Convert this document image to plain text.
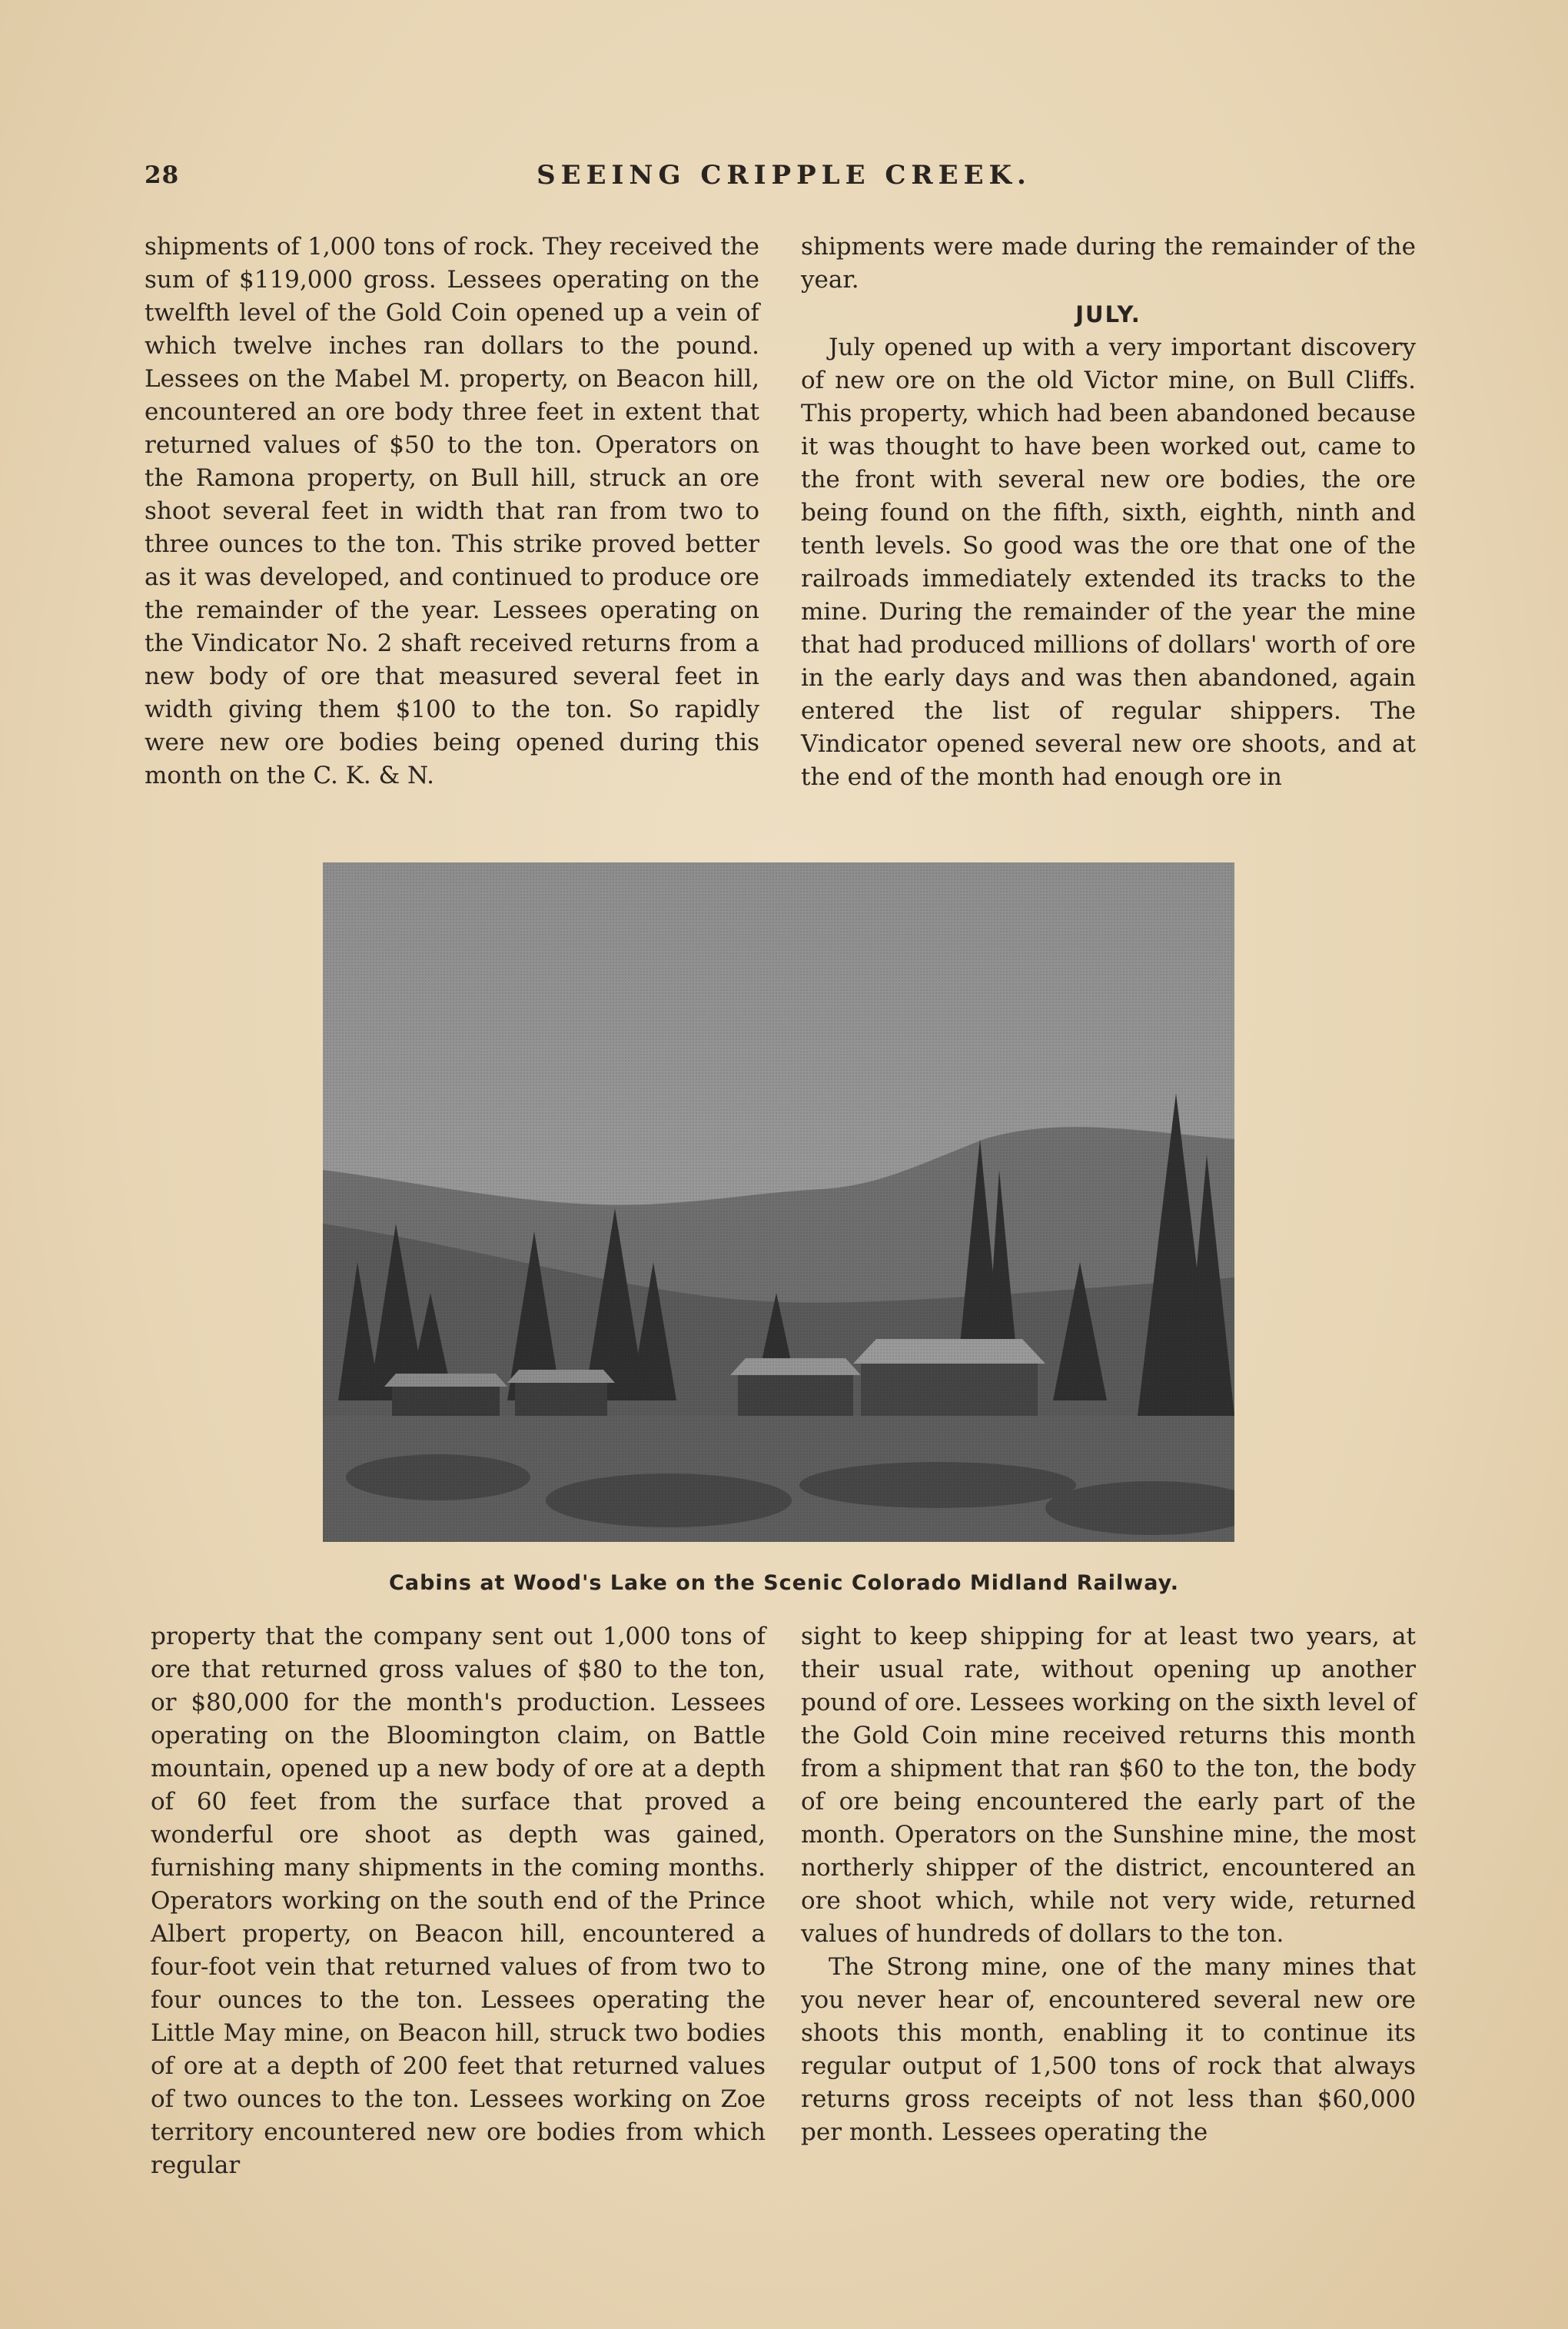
28	SEEING CRIPPLE CREEK.

shipments of 1,000 tons of rock. They received the sum of $119,000 gross. Lessees operating on the twelfth level of the Gold Coin opened up a vein of which twelve inches ran dollars to the pound. Lessees on the Mabel M. property, on Beacon hill, encountered an ore body three feet in extent that returned values of $50 to the ton. Operators on the Ramona property, on Bull hill, struck an ore shoot several feet in width that ran from two to three ounces to the ton. This strike proved better as it was developed, and continued to produce ore the remainder of the year. Lessees operating on the Vindicator No. 2 shaft received returns from a new body of ore that measured several feet in width giving them $100 to the ton. So rapidly were new ore bodies being opened during this month on the C. K. & N.

shipments were made during the remainder of the year.

JULY.

July opened up with a very important discovery of new ore on the old Victor mine, on Bull Cliffs. This property, which had been abandoned because it was thought to have been worked out, came to the front with several new ore bodies, the ore being found on the fifth, sixth, eighth, ninth and tenth levels. So good was the ore that one of the railroads immediately extended its tracks to the mine. During the remainder of the year the mine that had produced millions of dollars' worth of ore in the early days and was then abandoned, again entered the list of regular shippers. The Vindicator opened several new ore shoots, and at the end of the month had enough ore in

Cabins at Wood's Lake on the Scenic Colorado Midland Railway.

property that the company sent out 1,000 tons of ore that returned gross values of $80 to the ton, or $80,000 for the month's production. Lessees operating on the Bloomington claim, on Battle mountain, opened up a new body of ore at a depth of 60 feet from the surface that proved a wonderful ore shoot as depth was gained, furnishing many shipments in the coming months. Operators working on the south end of the Prince Albert property, on Beacon hill, encountered a four-foot vein that returned values of from two to four ounces to the ton. Lessees operating the Little May mine, on Beacon hill, struck two bodies of ore at a depth of 200 feet that returned values of two ounces to the ton. Lessees working on Zoe territory encountered new ore bodies from which regular

sight to keep shipping for at least two years, at their usual rate, without opening up another pound of ore. Lessees working on the sixth level of the Gold Coin mine received returns this month from a shipment that ran $60 to the ton, the body of ore being encountered the early part of the month. Operators on the Sunshine mine, the most northerly shipper of the district, encountered an ore shoot which, while not very wide, returned values of hundreds of dollars to the ton.

The Strong mine, one of the many mines that you never hear of, encountered several new ore shoots this month, enabling it to continue its regular output of 1,500 tons of rock that always returns gross receipts of not less than $60,000 per month. Lessees operating the
